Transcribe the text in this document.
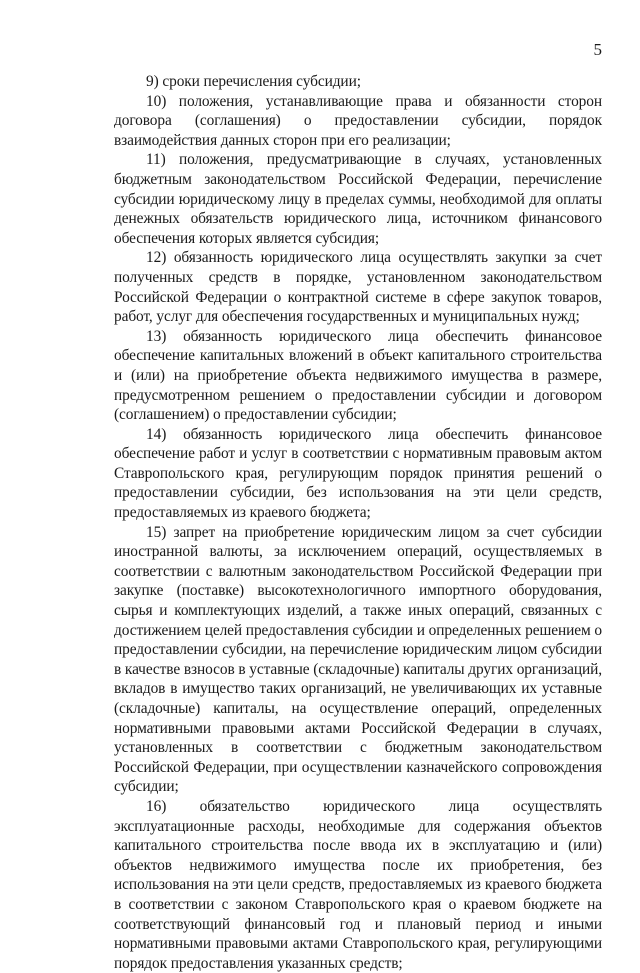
5

9) сроки перечисления субсидии;

10) положения, устанавливающие права и обязанности сторон договора (соглашения) о предоставлении субсидии, порядок взаимодействия данных сторон при его реализации;

11) положения, предусматривающие в случаях, установленных бюджетным законодательством Российской Федерации, перечисление субсидии юридическому лицу в пределах суммы, необходимой для оплаты денежных обязательств юридического лица, источником финансового обеспечения которых является субсидия;

12) обязанность юридического лица осуществлять закупки за счет полученных средств в порядке, установленном законодательством Российской Федерации о контрактной системе в сфере закупок товаров, работ, услуг для обеспечения государственных и муниципальных нужд;

13) обязанность юридического лица обеспечить финансовое обеспечение капитальных вложений в объект капитального строительства и (или) на приобретение объекта недвижимого имущества в размере, предусмотренном решением о предоставлении субсидии и договором (соглашением) о предоставлении субсидии;

14) обязанность юридического лица обеспечить финансовое обеспечение работ и услуг в соответствии с нормативным правовым актом Ставропольского края, регулирующим порядок принятия решений о предоставлении субсидии, без использования на эти цели средств, предоставляемых из краевого бюджета;

15) запрет на приобретение юридическим лицом за счет субсидии иностранной валюты, за исключением операций, осуществляемых в соответствии с валютным законодательством Российской Федерации при закупке (поставке) высокотехнологичного импортного оборудования, сырья и комплектующих изделий, а также иных операций, связанных с достижением целей предоставления субсидии и определенных решением о предоставлении субсидии, на перечисление юридическим лицом субсидии в качестве взносов в уставные (складочные) капиталы других организаций, вкладов в имущество таких организаций, не увеличивающих их уставные (складочные) капиталы, на осуществление операций, определенных нормативными правовыми актами Российской Федерации в случаях, установленных в соответствии с бюджетным законодательством Российской Федерации, при осуществлении казначейского сопровождения субсидии;

16) обязательство юридического лица осуществлять эксплуатационные расходы, необходимые для содержания объектов капитального строительства после ввода их в эксплуатацию и (или) объектов недвижимого имущества после их приобретения, без использования на эти цели средств, предоставляемых из краевого бюджета в соответствии с законом Ставропольского края о краевом бюджете на соответствующий финансовый год и плановый период и иными нормативными правовыми актами Ставропольского края, регулирующими порядок предоставления указанных средств;
